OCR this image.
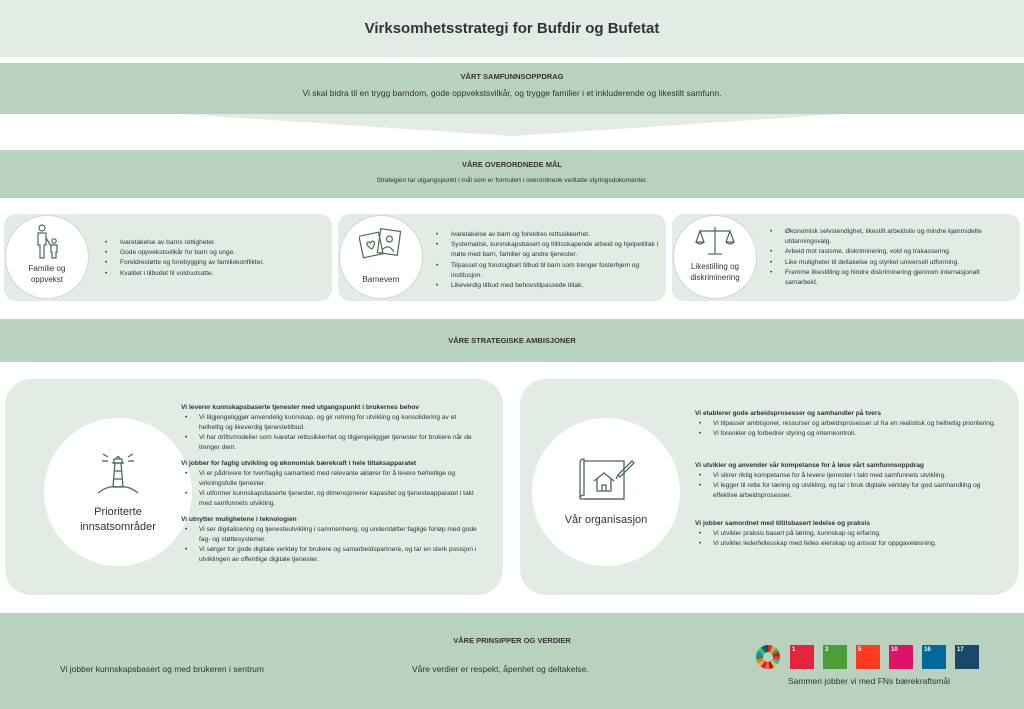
Virksomhetsstrategi for Bufdir og Bufetat
VÅRT SAMFUNNSOPPDRAG
Vi skal bidra til en trygg barndom, gode oppvekstsvilkår, og trygge familier i et inkluderende og likestilt samfunn.
VÅRE OVERORDNEDE MÅL
Strategien tar utgangspunkt i mål som er formulert i overordnede vedtatte styringsdokumenter.
Familie og
oppvekst
• Ivaretakelse av barns rettigheter.
• Gode oppvekstsvilkår for barn og unge.
• Foreldrestøtte og forebygging av familiekonflikter.
• Kvalitet i tilbudet til voldsutsatte.
Barnevern
• Ivaretakelse av barn og foreldres rettssikkerhet.
• Systematisk, kunnskapsbasert og tillitsskapende arbeid og hjelpetiltak i møte med barn, familier og andre tjenester.
• Tilpasset og forutsigbart tilbud til barn som trenger fosterhjem og institusjon.
• Likeverdig tilbud med behovstilpassede tiltak.
Likestilling og
diskriminering
• Økonomisk selvstendighet, likestilt arbeidsliv og mindre kjønnsdelte utdanningsvalg.
• Arbeid mot rasisme, diskriminering, vold og trakassering.
• Like muligheter til deltakelse og styrket universell utforming.
• Fremme likestilling og hindre diskriminering gjennom internasjonalt samarbeid.
VÅRE STRATEGISKE AMBISJONER
Prioriterte
innsatsområder
Vi leverer kunnskapsbaserte tjenester med utgangspunkt i brukernes behov
• Vi tilgjengeliggjør anvendelig kunnskap, og gir retning for utvikling og konsolidering av et helhetlig og likeverdig tjenestetilbud.
• Vi har driftsmodeller som ivaretar rettssikkerhet og tilgjengeliggjør tjenester for brukere når de trenger dem.
Vi jobber for faglig utvikling og økonomisk bærekraft i hele tiltaksapparatet
• Vi er pådrivere for tverrfaglig samarbeid med relevante aktører for å levere helhetlige og virkningsfulle tjenester.
• Vi utformer kunnskapsbaserte tjenester, og dimensjonerer kapasitet og tjenesteapparatet i takt med samfunnets utvikling.
Vi utnytter mulighetene i teknologien
• Vi ser digitalisering og tjenesteutvikling i sammenheng, og understøtter faglige forløp med gode fag- og støttesystemer.
• Vi sørger for gode digitale verktøy for brukere og samarbeidspartnere, og tar en sterk posisjon i utviklingen av offentlige digitale tjenester.
Vår organisasjon
Vi etablerer gode arbeidsprosesser og samhandler på tvers
• Vi tilpasser ambisjoner, ressurser og arbeidsprosesser ut fra en realistisk og helhetlig prioritering.
• Vi forenkler og forbedrer styring og internkontroll.
Vi utvikler og anvender vår kompetanse for å løse vårt samfunnsoppdrag
• Vi sikrer riktig kompetanse for å levere tjenester i takt med samfunnets utvikling.
• Vi legger til rette for læring og utvikling, og tar i bruk digitale verktøy for god samhandling og effektive arbeidsprosesser.
Vi jobber samordnet med tillitsbasert ledelse og praksis
• Vi utvikler praksis basert på læring, kunnskap og erfaring.
• Vi utvikler lederfellesskap med felles eierskap og ansvar for oppgaveløsning.
VÅRE PRINSIPPER OG VERDIER
Vi jobber kunnskapsbasert og med brukeren i sentrum	Våre verdier er respekt, åpenhet og deltakelse.
1	3	5	10	16	17
Sammen jobber vi med FNs bærekraftsmål
